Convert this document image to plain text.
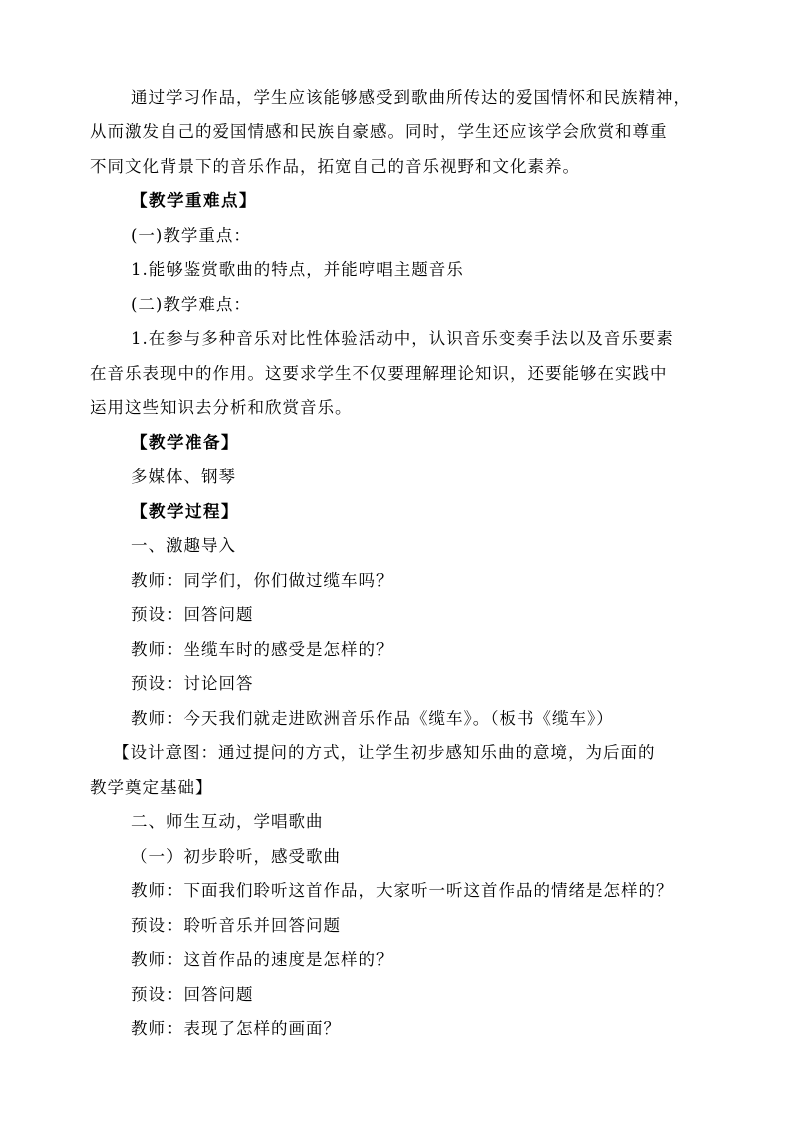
通过学习作品，学生应该能够感受到歌曲所传达的爱国情怀和民族精神，
从而激发自己的爱国情感和民族自豪感。同时，学生还应该学会欣赏和尊重
不同文化背景下的音乐作品，拓宽自己的音乐视野和文化素养。
【教学重难点】
(一)教学重点：
1.能够鉴赏歌曲的特点，并能哼唱主题音乐
(二)教学难点：
1.在参与多种音乐对比性体验活动中，认识音乐变奏手法以及音乐要素
在音乐表现中的作用。这要求学生不仅要理解理论知识，还要能够在实践中
运用这些知识去分析和欣赏音乐。
【教学准备】
多媒体、钢琴
【教学过程】
一、激趣导入
教师：同学们，你们做过缆车吗？
预设：回答问题
教师：坐缆车时的感受是怎样的？
预设：讨论回答
教师：今天我们就走进欧洲音乐作品《缆车》。（板书《缆车》）
【设计意图：通过提问的方式，让学生初步感知乐曲的意境，为后面的
教学奠定基础】
二、师生互动，学唱歌曲
（一）初步聆听，感受歌曲
教师：下面我们聆听这首作品，大家听一听这首作品的情绪是怎样的？
预设：聆听音乐并回答问题
教师：这首作品的速度是怎样的？
预设：回答问题
教师：表现了怎样的画面？
